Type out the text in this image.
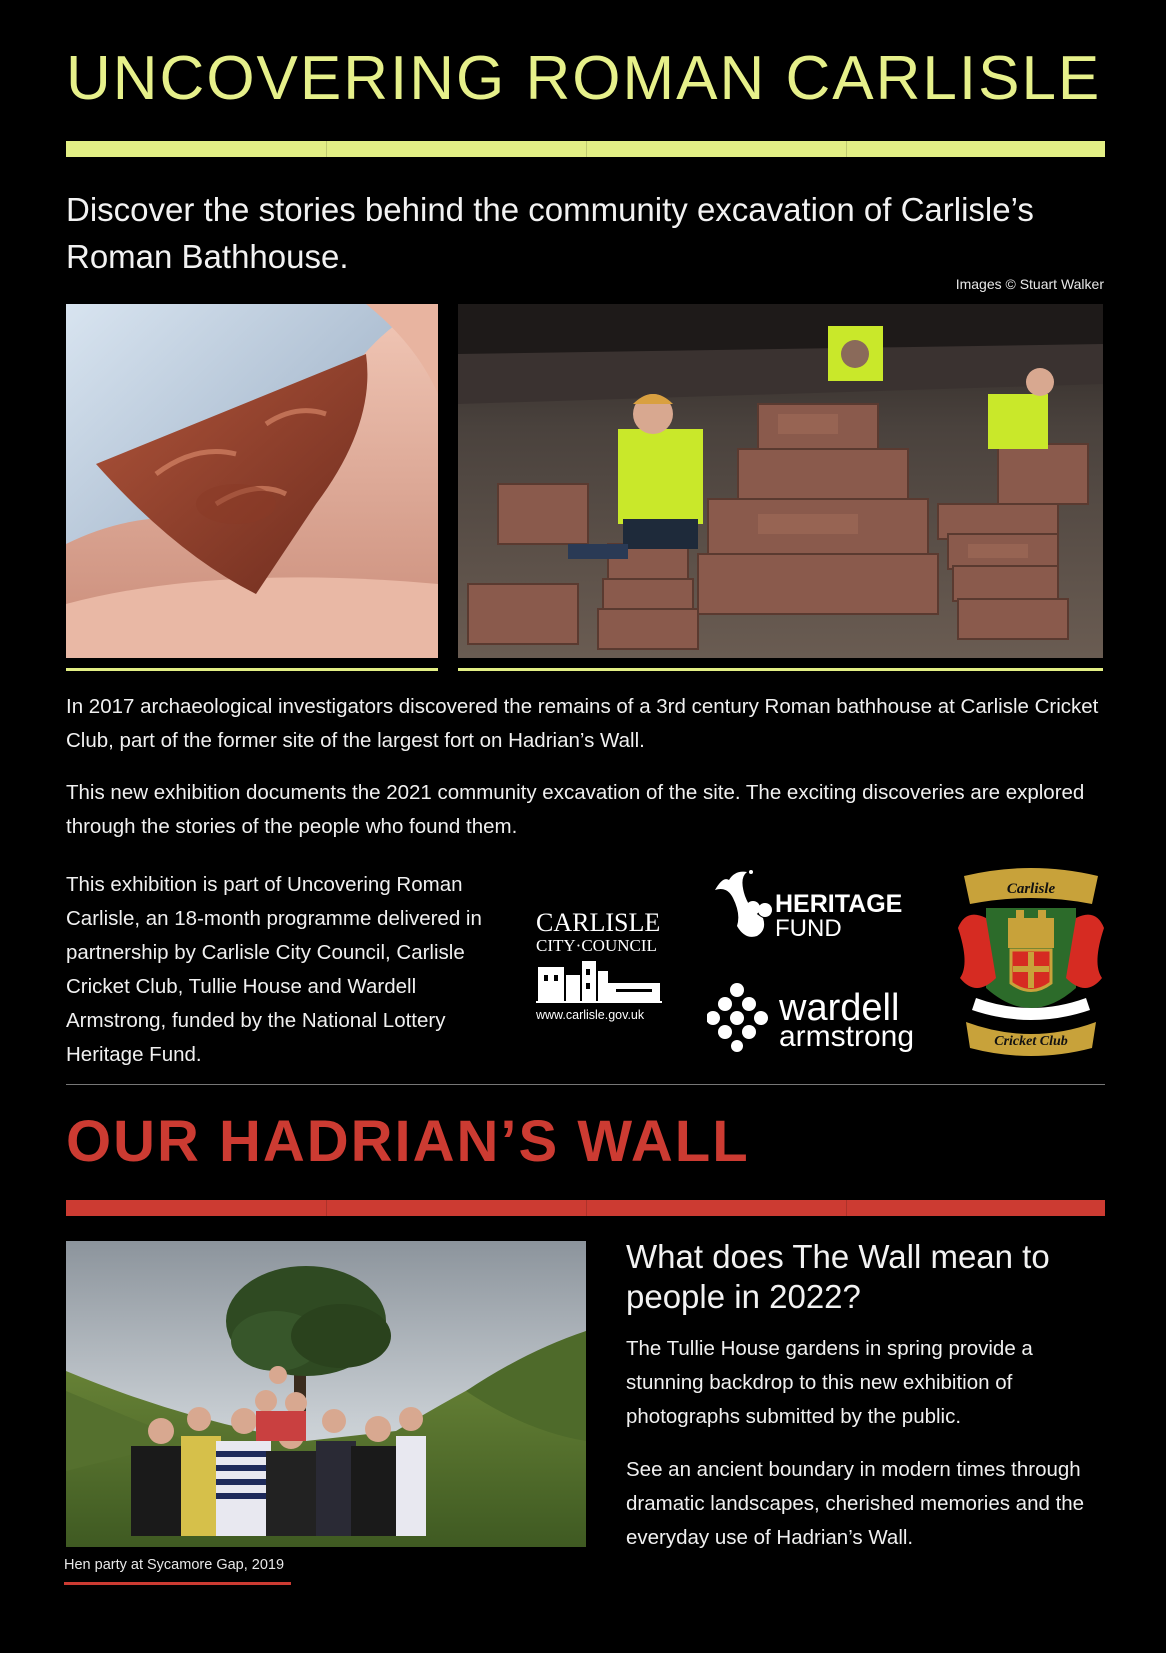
UNCOVERING ROMAN CARLISLE

Discover the stories behind the community excavation of Carlisle’s Roman Bathhouse.

Images © Stuart Walker

In 2017 archaeological investigators discovered the remains of a 3rd century Roman bathhouse at Carlisle Cricket Club, part of the former site of the largest fort on Hadrian’s Wall.

This new exhibition documents the 2021 community excavation of the site. The exciting discoveries are explored through the stories of the people who found them.

This exhibition is part of Uncovering Roman Carlisle, an 18-month programme delivered in partnership by Carlisle City Council, Carlisle Cricket Club, Tullie House and Wardell Armstrong, funded by the National Lottery Heritage Fund.

CARLISLE
CITY·COUNCIL
www.carlisle.gov.uk
HERITAGE
FUND
wardell
armstrong
Carlisle
Cricket Club
OUR HADRIAN’S WALL
Hen party at Sycamore Gap, 2019
What does The Wall mean to people in 2022?

The Tullie House gardens in spring provide a stunning backdrop to this new exhibition of photographs submitted by the public.

See an ancient boundary in modern times through dramatic landscapes, cherished memories and the everyday use of Hadrian’s Wall.
